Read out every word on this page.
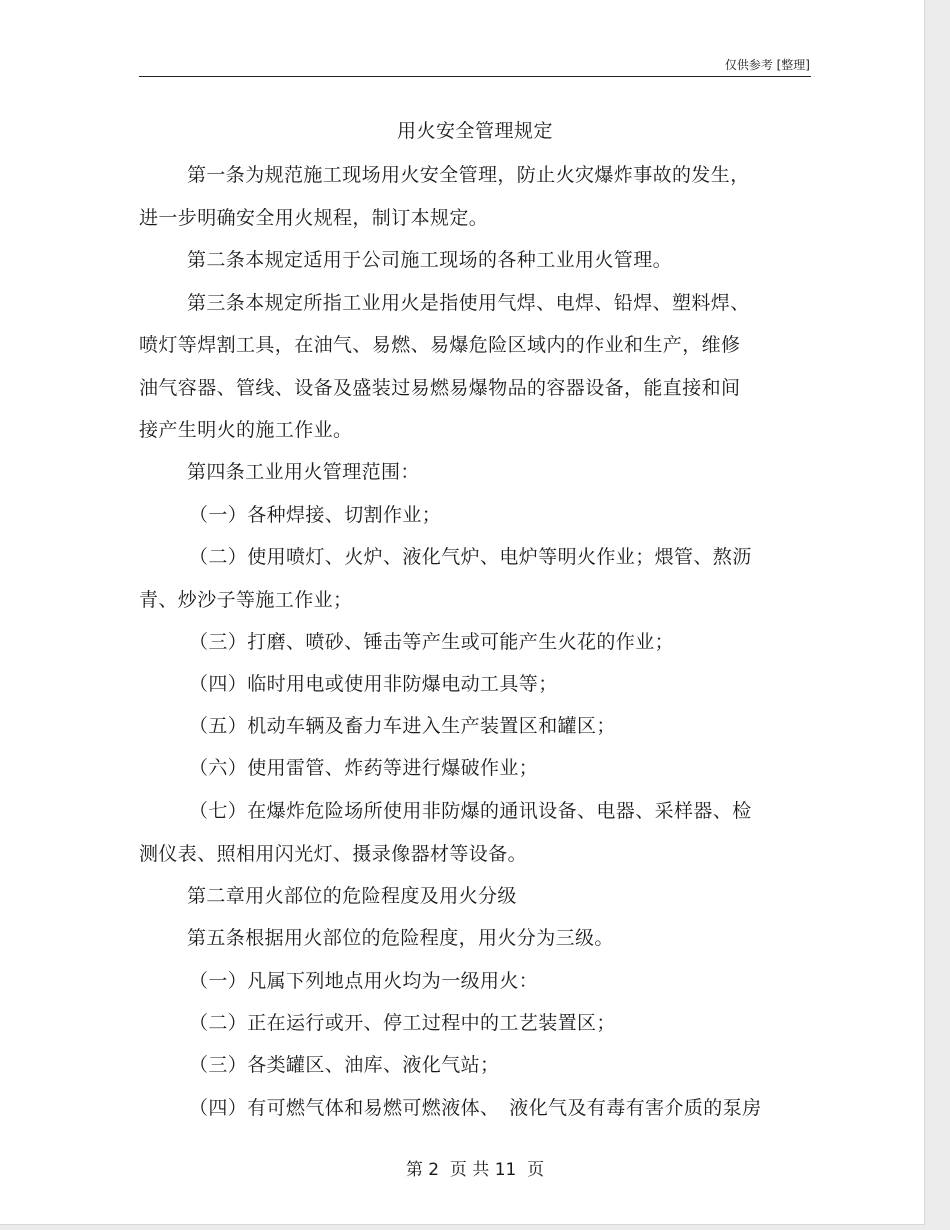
仅供参考 [整理]
用火安全管理规定
第一条为规范施工现场用火安全管理，防止火灾爆炸事故的发生，
进一步明确安全用火规程，制订本规定。
第二条本规定适用于公司施工现场的各种工业用火管理。
第三条本规定所指工业用火是指使用气焊、电焊、铅焊、塑料焊、
喷灯等焊割工具，在油气、易燃、易爆危险区域内的作业和生产，维修
油气容器、管线、设备及盛装过易燃易爆物品的容器设备，能直接和间
接产生明火的施工作业。
第四条工业用火管理范围：
（一）各种焊接、切割作业；
（二）使用喷灯、火炉、液化气炉、电炉等明火作业；煨管、熬沥
青、炒沙子等施工作业；
（三）打磨、喷砂、锤击等产生或可能产生火花的作业；
（四）临时用电或使用非防爆电动工具等；
（五）机动车辆及畜力车进入生产装置区和罐区；
（六）使用雷管、炸药等进行爆破作业；
（七）在爆炸危险场所使用非防爆的通讯设备、电器、采样器、检
测仪表、照相用闪光灯、摄录像器材等设备。
第二章用火部位的危险程度及用火分级
第五条根据用火部位的危险程度，用火分为三级。
（一）凡属下列地点用火均为一级用火：
（二）正在运行或开、停工过程中的工艺装置区；
（三）各类罐区、油库、液化气站；
（四）有可燃气体和易燃可燃液体、　液化气及有毒有害介质的泵房
第 2  页 共 11  页
